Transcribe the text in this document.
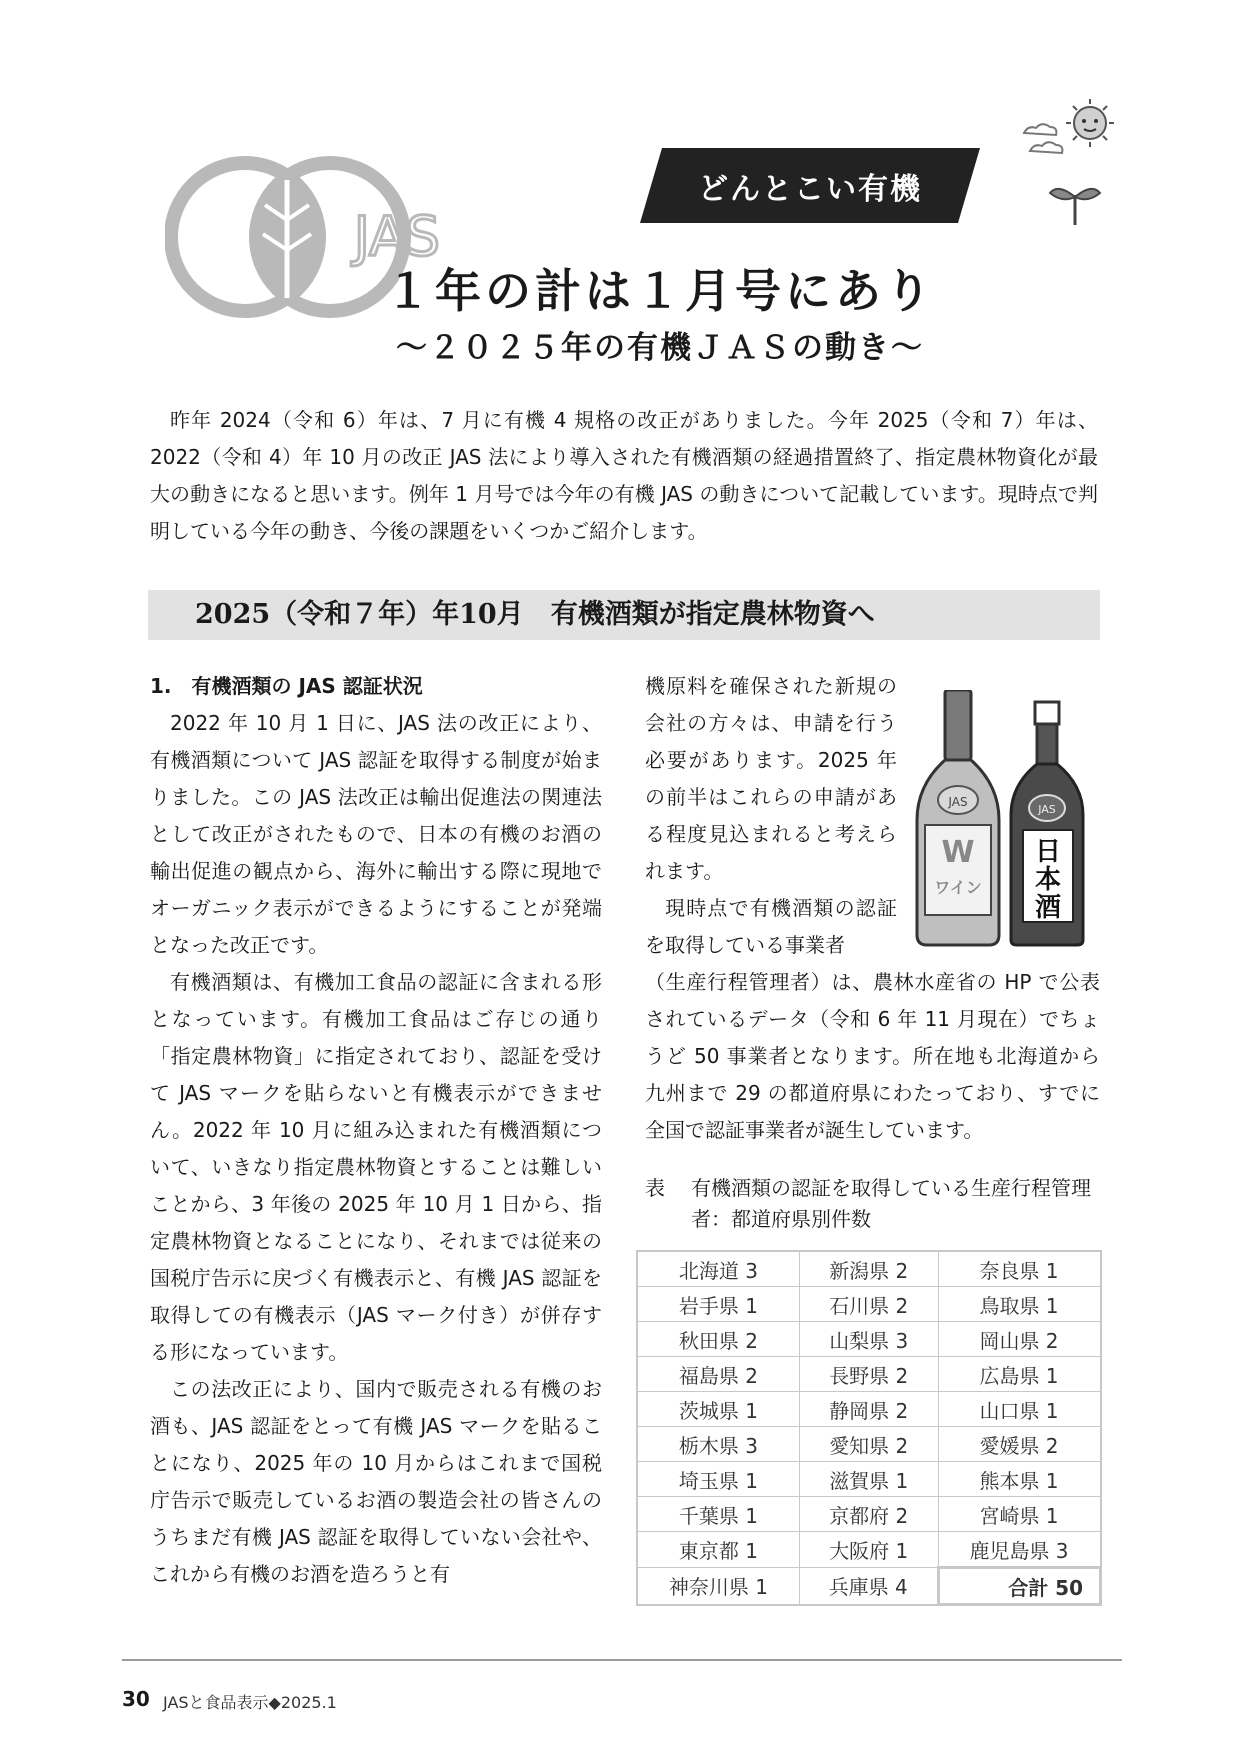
JAS
どんとこい有機
１年の計は１月号にあり
～２０２５年の有機ＪＡＳの動き～

昨年 2024（令和 6）年は、7 月に有機 4 規格の改正がありました。今年 2025（令和 7）年は、2022（令和 4）年 10 月の改正 JAS 法により導入された有機酒類の経過措置終了、指定農林物資化が最大の動きになると思います。例年 1 月号では今年の有機 JAS の動きについて記載しています。現時点で判明している今年の動き、今後の課題をいくつかご紹介します。

2025（令和７年）年10月　有機酒類が指定農林物資へ
1.　有機酒類の JAS 認証状況

2022 年 10 月 1 日に、JAS 法の改正により、有機酒類について JAS 認証を取得する制度が始まりました。この JAS 法改正は輸出促進法の関連法として改正がされたもので、日本の有機のお酒の輸出促進の観点から、海外に輸出する際に現地でオーガニック表示ができるようにすることが発端となった改正です。

有機酒類は、有機加工食品の認証に含まれる形となっています。有機加工食品はご存じの通り「指定農林物資」に指定されており、認証を受けて JAS マークを貼らないと有機表示ができません。2022 年 10 月に組み込まれた有機酒類について、いきなり指定農林物資とすることは難しいことから、3 年後の 2025 年 10 月 1 日から、指定農林物資となることになり、それまでは従来の国税庁告示に戻づく有機表示と、有機 JAS 認証を取得しての有機表示（JAS マーク付き）が併存する形になっています。

この法改正により、国内で販売される有機のお酒も、JAS 認証をとって有機 JAS マークを貼ることになり、2025 年の 10 月からはこれまで国税庁告示で販売しているお酒の製造会社の皆さんのうちまだ有機 JAS 認証を取得していない会社や、これから有機のお酒を造ろうと有

機原料を確保された新規の会社の方々は、申請を行う必要があります。2025 年の前半はこれらの申請がある程度見込まれると考えられます。

現時点で有機酒類の認証を取得している事業者

（生産行程管理者）は、農林水産省の HP で公表されているデータ（令和 6 年 11 月現在）でちょうど 50 事業者となります。所在地も北海道から九州まで 29 の都道府県にわたっており、すでに全国で認証事業者が誕生しています。

JAS
W
ワイン
JAS
日本酒
表 有機酒類の認証を取得している生産行程管理者：都道府県別件数
北海道 3	新潟県 2	奈良県 1
岩手県 1	石川県 2	鳥取県 1
秋田県 2	山梨県 3	岡山県 2
福島県 2	長野県 2	広島県 1
茨城県 1	静岡県 2	山口県 1
栃木県 3	愛知県 2	愛媛県 2
埼玉県 1	滋賀県 1	熊本県 1
千葉県 1	京都府 2	宮崎県 1
東京都 1	大阪府 1	鹿児島県 3
神奈川県 1	兵庫県 4	合計 50
30 JASと食品表示◆2025.1
